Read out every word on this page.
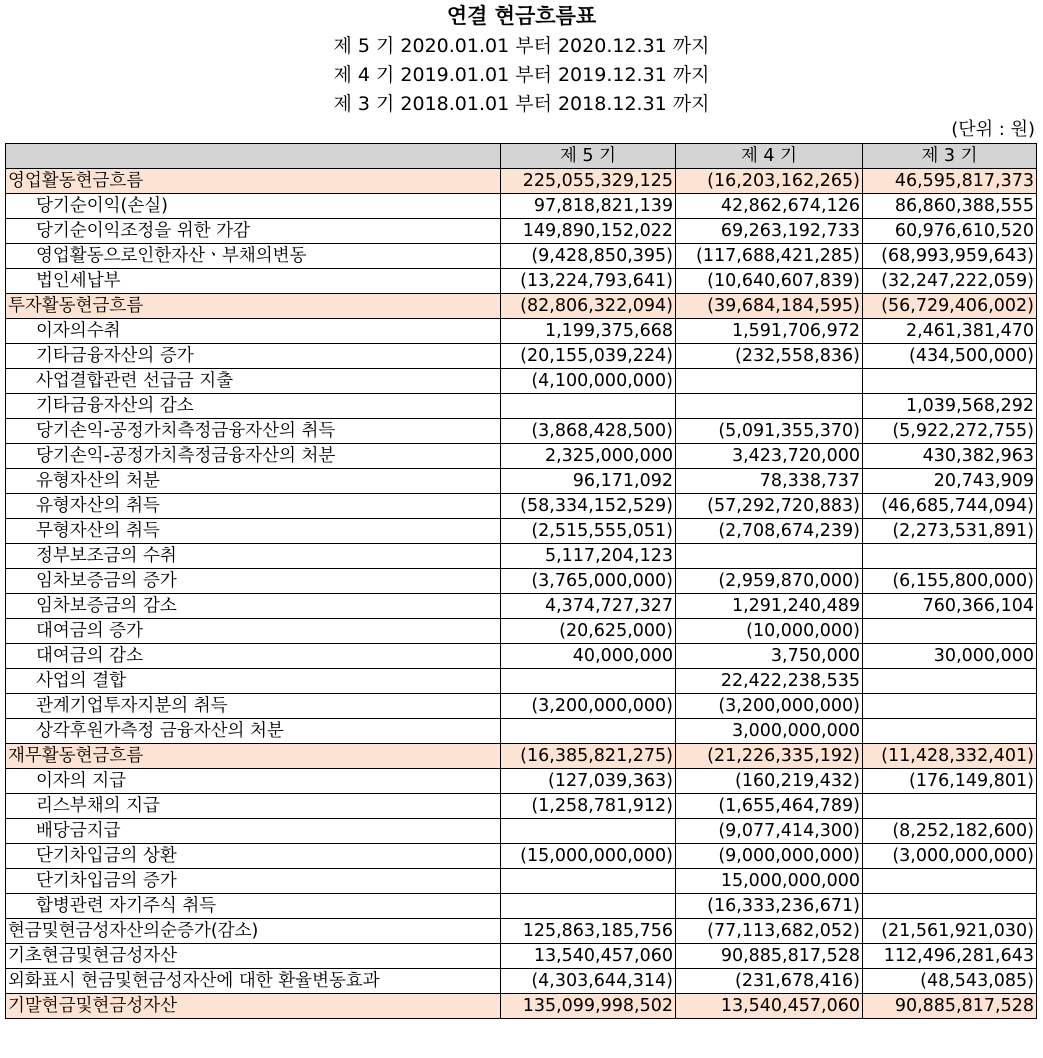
연결 현금흐름표
제 5 기 2020.01.01 부터 2020.12.31 까지
제 4 기 2019.01.01 부터 2019.12.31 까지
제 3 기 2018.01.01 부터 2018.12.31 까지
(단위 : 원)
	제 5 기	제 4 기	제 3 기
영업활동현금흐름	225,055,329,125	(16,203,162,265)	46,595,817,373
당기순이익(손실)	97,818,821,139	42,862,674,126	86,860,388,555
당기순이익조정을 위한 가감	149,890,152,022	69,263,192,733	60,976,610,520
영업활동으로인한자산ㆍ부채의변동	(9,428,850,395)	(117,688,421,285)	(68,993,959,643)
법인세납부	(13,224,793,641)	(10,640,607,839)	(32,247,222,059)
투자활동현금흐름	(82,806,322,094)	(39,684,184,595)	(56,729,406,002)
이자의수취	1,199,375,668	1,591,706,972	2,461,381,470
기타금융자산의 증가	(20,155,039,224)	(232,558,836)	(434,500,000)
사업결합관련 선급금 지출	(4,100,000,000)		
기타금융자산의 감소			1,039,568,292
당기손익-공정가치측정금융자산의 취득	(3,868,428,500)	(5,091,355,370)	(5,922,272,755)
당기손익-공정가치측정금융자산의 처분	2,325,000,000	3,423,720,000	430,382,963
유형자산의 처분	96,171,092	78,338,737	20,743,909
유형자산의 취득	(58,334,152,529)	(57,292,720,883)	(46,685,744,094)
무형자산의 취득	(2,515,555,051)	(2,708,674,239)	(2,273,531,891)
정부보조금의 수취	5,117,204,123		
임차보증금의 증가	(3,765,000,000)	(2,959,870,000)	(6,155,800,000)
임차보증금의 감소	4,374,727,327	1,291,240,489	760,366,104
대여금의 증가	(20,625,000)	(10,000,000)	
대여금의 감소	40,000,000	3,750,000	30,000,000
사업의 결합		22,422,238,535	
관계기업투자지분의 취득	(3,200,000,000)	(3,200,000,000)	
상각후원가측정 금융자산의 처분		3,000,000,000	
재무활동현금흐름	(16,385,821,275)	(21,226,335,192)	(11,428,332,401)
이자의 지급	(127,039,363)	(160,219,432)	(176,149,801)
리스부채의 지급	(1,258,781,912)	(1,655,464,789)	
배당금지급		(9,077,414,300)	(8,252,182,600)
단기차입금의 상환	(15,000,000,000)	(9,000,000,000)	(3,000,000,000)
단기차입금의 증가		15,000,000,000	
합병관련 자기주식 취득		(16,333,236,671)	
현금및현금성자산의순증가(감소)	125,863,185,756	(77,113,682,052)	(21,561,921,030)
기초현금및현금성자산	13,540,457,060	90,885,817,528	112,496,281,643
외화표시 현금및현금성자산에 대한 환율변동효과	(4,303,644,314)	(231,678,416)	(48,543,085)
기말현금및현금성자산	135,099,998,502	13,540,457,060	90,885,817,528
